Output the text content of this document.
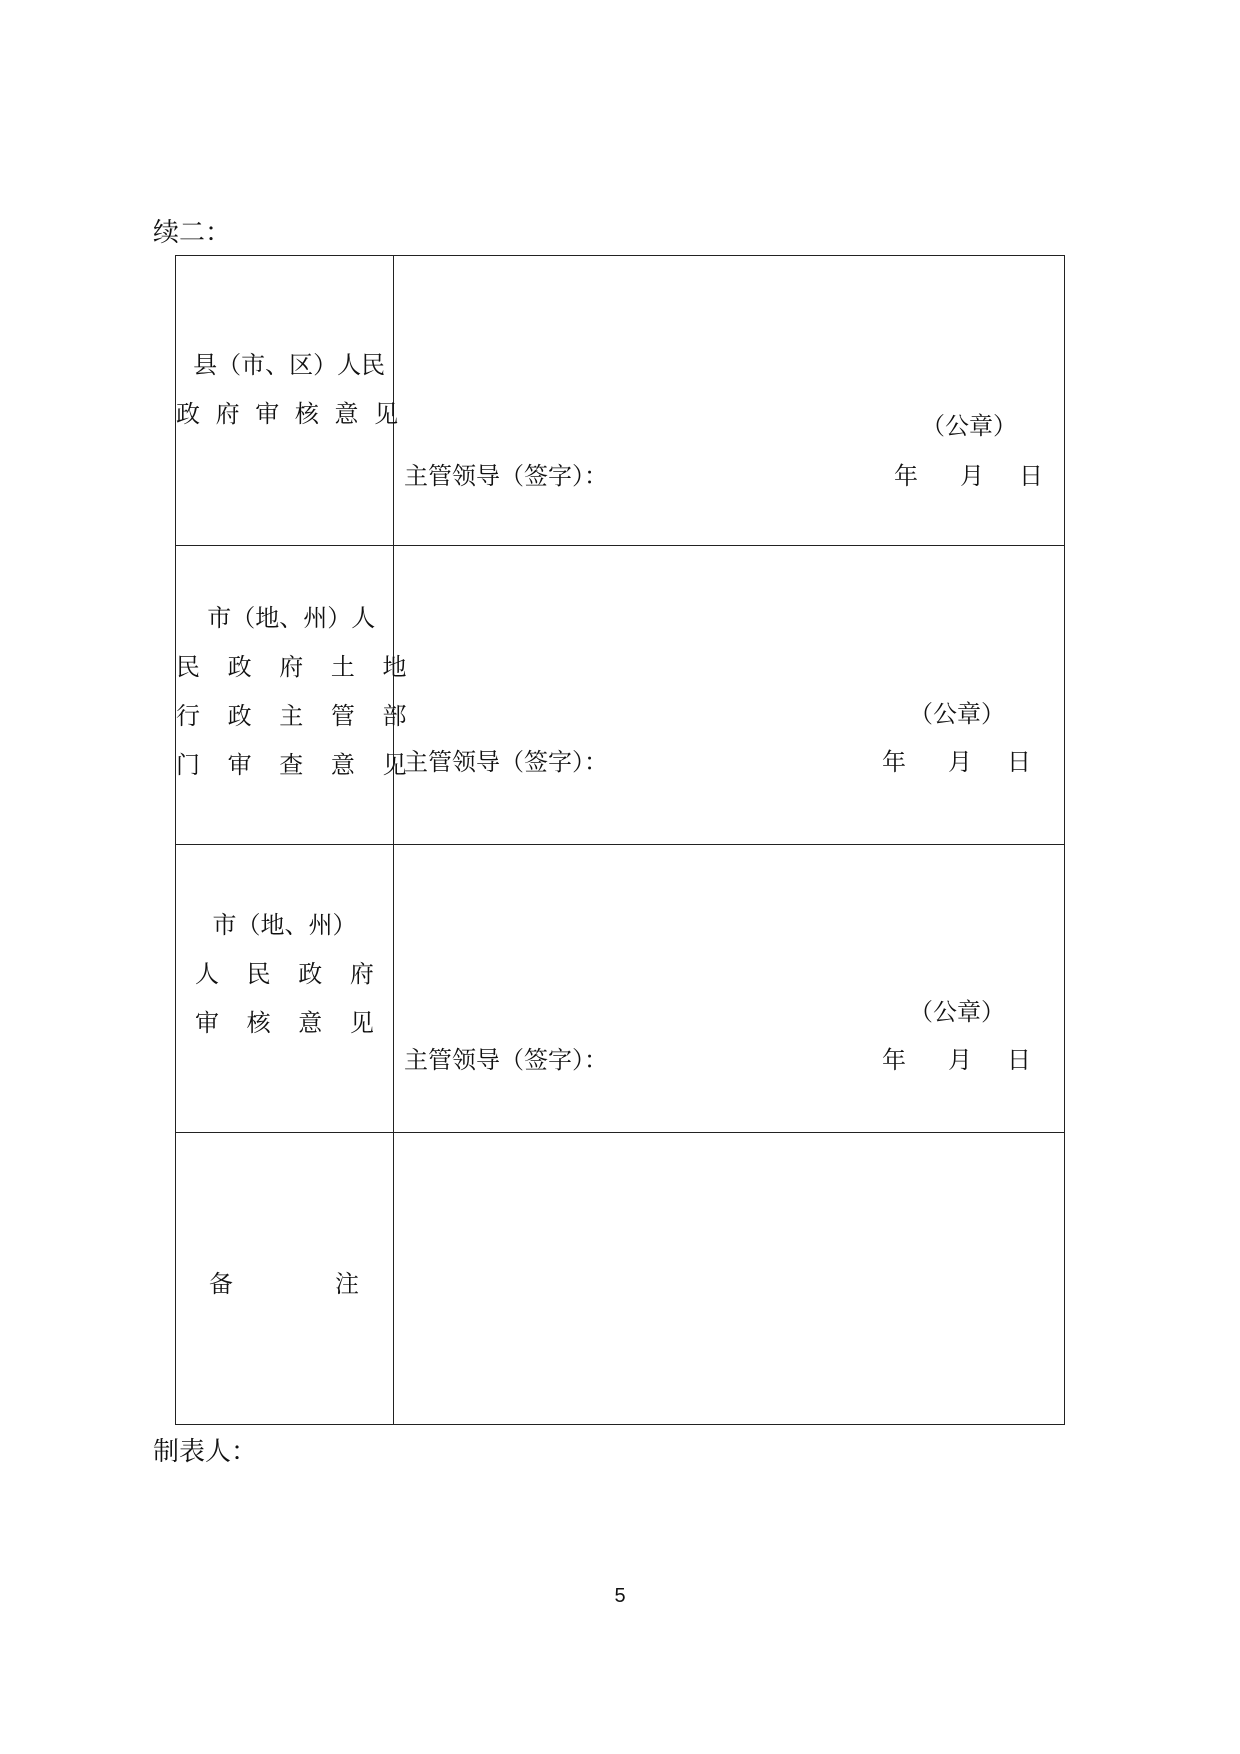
续二：
县（市、区）人民
政 府 审 核 意 见	（公章）
主管领导（签字）： 年 月 日

市（地、州）人
民 政 府 土 地
行 政 主 管 部
门 审 查 意 见	（公章）
主管领导（签字）： 年 月 日

市（地、州）
人 民 政 府
审 核 意 见	（公章）
主管领导（签字）： 年 月 日

备 注	

制表人：
5
